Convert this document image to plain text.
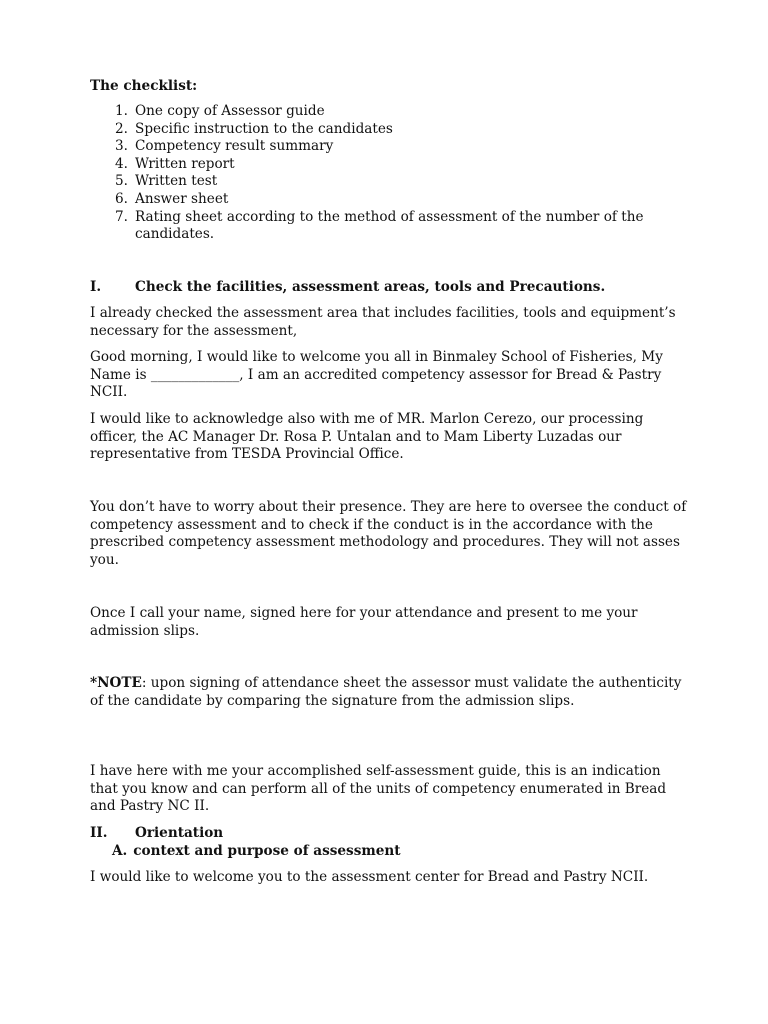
The checklist:

1. One copy of Assessor guide
2. Specific instruction to the candidates
3. Competency result summary
4. Written report
5. Written test
6. Answer sheet
7. Rating sheet according to the method of assessment of the number of the candidates.
I. Check the facilities, assessment areas, tools and Precautions.

I already checked the assessment area that includes facilities, tools and equipment’s necessary for the assessment,

Good morning, I would like to welcome you all in Binmaley School of Fisheries, My Name is _____________, I am an accredited competency assessor for Bread & Pastry NCII.

I would like to acknowledge also with me of MR. Marlon Cerezo, our processing officer, the AC Manager Dr. Rosa P. Untalan and to Mam Liberty Luzadas our representative from TESDA Provincial Office.

You don’t have to worry about their presence. They are here to oversee the conduct of competency assessment and to check if the conduct is in the accordance with the prescribed competency assessment methodology and procedures. They will not asses you.

Once I call your name, signed here for your attendance and present to me your admission slips.

*NOTE: upon signing of attendance sheet the assessor must validate the authenticity of the candidate by comparing the signature from the admission slips.

I have here with me your accomplished self-assessment guide, this is an indication that you know and can perform all of the units of competency enumerated in Bread and Pastry NC II.

II. Orientation
A. context and purpose of assessment

I would like to welcome you to the assessment center for Bread and Pastry NCII.
